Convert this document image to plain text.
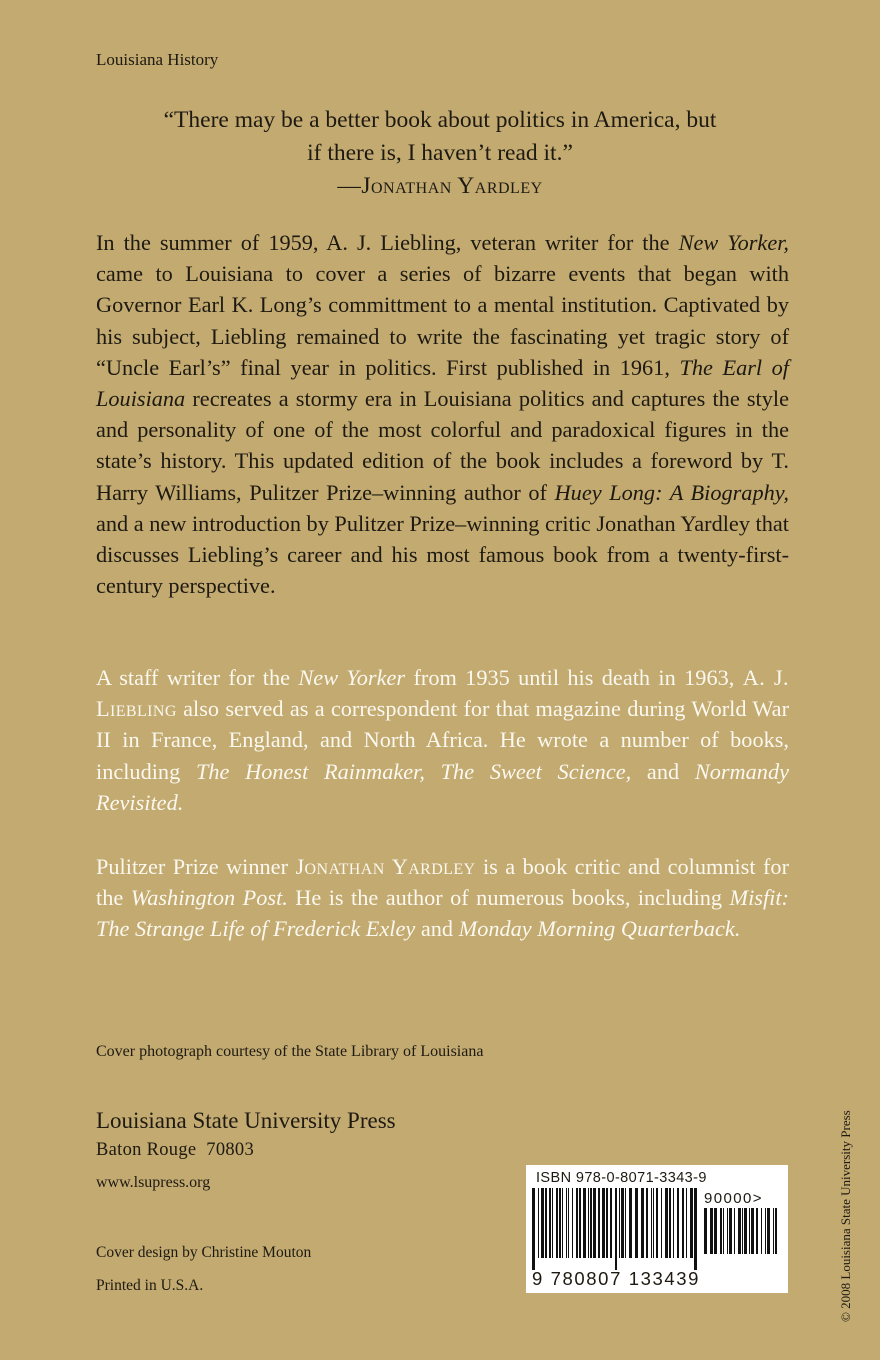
Louisiana History
“There may be a better book about politics in America, but
if there is, I haven’t read it.”
—Jonathan Yardley
In the summer of 1959, A. J. Liebling, veteran writer for the New Yorker, came to Louisiana to cover a series of bizarre events that began with Governor Earl K. Long’s committment to a mental institution. Captivated by his subject, Liebling remained to write the fascinating yet tragic story of “Uncle Earl’s” final year in politics. First published in 1961, The Earl of Louisiana recreates a stormy era in Louisiana politics and captures the style and personality of one of the most colorful and paradoxical figures in the state’s history. This updated edition of the book includes a foreword by T. Harry Williams, Pulitzer Prize–winning author of Huey Long: A Biography, and a new introduction by Pulitzer Prize–winning critic Jonathan Yardley that discusses Liebling’s career and his most famous book from a twenty-first-century perspective.
A staff writer for the New Yorker from 1935 until his death in 1963, A. J. Liebling also served as a correspondent for that magazine during World War II in France, England, and North Africa. He wrote a number of books, including The Honest Rainmaker, The Sweet Science, and Normandy Revisited.
Pulitzer Prize winner Jonathan Yardley is a book critic and columnist for the Washington Post. He is the author of numerous books, including Misfit: The Strange Life of Frederick Exley and Monday Morning Quarterback.
Cover photograph courtesy of the State Library of Louisiana
Louisiana State University Press
Baton Rouge  70803
www.lsupress.org
Cover design by Christine Mouton
Printed in U.S.A.	© 2008 Louisiana State University Press
ISBN 978-0-8071-3343-9
90000>
9 780807 133439
